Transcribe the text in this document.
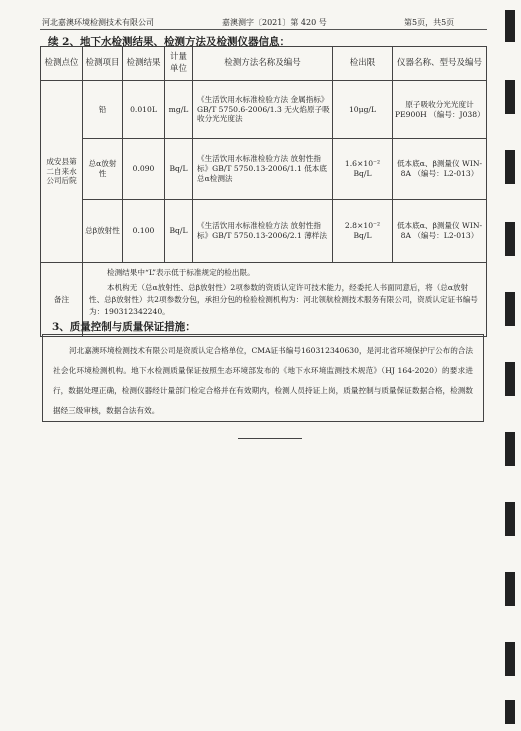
河北嘉澳环境检测技术有限公司	嘉澳测字〔2021〕第 420 号	第5页，共5页
续 2、地下水检测结果、检测方法及检测仪器信息：
检测点位	检测项目	检测结果	计量单位	检测方法名称及编号	检出限	仪器名称、型号及编号
成安县第二自来水公司后院	铅	0.010L	mg/L	《生活饮用水标准检验方法 金属指标》GB/T 5750.6-2006/1.3 无火焰原子吸收分光光度法	10μg/L	原子吸收分光光度计 PE900H （编号：J038）
	总α放射性	0.090	Bq/L	《生活饮用水标准检验方法 放射性指标》GB/T 5750.13-2006/1.1 低本底总α检测法	1.6×10⁻² Bq/L	低本底α、β测量仪 WIN-8A （编号：L2-013）
	总β放射性	0.100	Bq/L	《生活饮用水标准检验方法 放射性指标》GB/T 5750.13-2006/2.1 薄样法	2.8×10⁻² Bq/L	低本底α、β测量仪 WIN-8A （编号：L2-013）
备注	检测结果中“L”表示低于标准规定的检出限。

本机构无（总α放射性、总β放射性）2项参数的资质认定许可技术能力，经委托人书面同意后，将（总α放射性、总β放射性）共2项参数分包，承担分包的检验检测机构为：河北领航检测技术服务有限公司，资质认定证书编号为：190312342240。					

3、质量控制与质量保证措施：
河北嘉澳环境检测技术有限公司是资质认定合格单位，CMA证书编号160312340630，是河北省环境保护厅公布的合法社会化环境检测机构。地下水检测质量保证按照生态环境部发布的《地下水环境监测技术规范》（HJ 164-2020）的要求进行，数据处理正确，检测仪器经计量部门检定合格并在有效期内，检测人员持证上岗，质量控制与质量保证数据合格，检测数据经三级审核，数据合法有效。
